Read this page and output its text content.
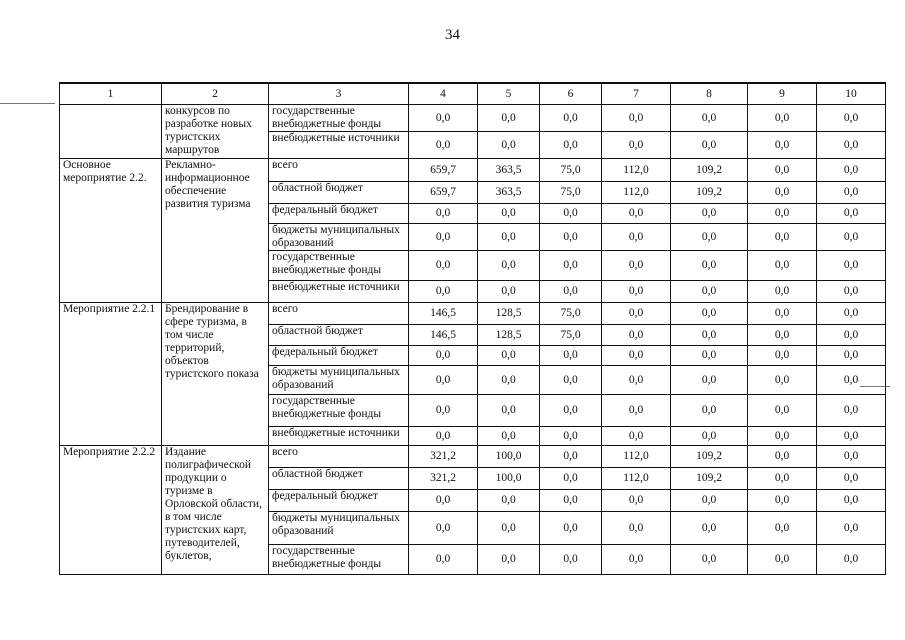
34
1	2	3	4	5	6	7	8	9	10
	конкурсов по разработке новых туристских маршрутов	государственные внебюджетные фонды	0,0	0,0	0,0	0,0	0,0	0,0	0,0
		внебюджетные источники	0,0	0,0	0,0	0,0	0,0	0,0	0,0
Основное мероприятие 2.2.	Рекламно-информационное обеспечение развития туризма	всего	659,7	363,5	75,0	112,0	109,2	0,0	0,0
		областной бюджет	659,7	363,5	75,0	112,0	109,2	0,0	0,0
		федеральный бюджет	0,0	0,0	0,0	0,0	0,0	0,0	0,0
		бюджеты муниципальных образований	0,0	0,0	0,0	0,0	0,0	0,0	0,0
		государственные внебюджетные фонды	0,0	0,0	0,0	0,0	0,0	0,0	0,0
		внебюджетные источники	0,0	0,0	0,0	0,0	0,0	0,0	0,0
Мероприятие 2.2.1	Брендирование в сфере туризма, в том числе территорий, объектов туристского показа	всего	146,5	128,5	75,0	0,0	0,0	0,0	0,0
		областной бюджет	146,5	128,5	75,0	0,0	0,0	0,0	0,0
		федеральный бюджет	0,0	0,0	0,0	0,0	0,0	0,0	0,0
		бюджеты муниципальных образований	0,0	0,0	0,0	0,0	0,0	0,0	0,0
		государственные внебюджетные фонды	0,0	0,0	0,0	0,0	0,0	0,0	0,0
		внебюджетные источники	0,0	0,0	0,0	0,0	0,0	0,0	0,0
Мероприятие 2.2.2	Издание полиграфической продукции о туризме в Орловской области, в том числе туристских карт, путеводителей, буклетов,	всего	321,2	100,0	0,0	112,0	109,2	0,0	0,0
		областной бюджет	321,2	100,0	0,0	112,0	109,2	0,0	0,0
		федеральный бюджет	0,0	0,0	0,0	0,0	0,0	0,0	0,0
		бюджеты муниципальных образований	0,0	0,0	0,0	0,0	0,0	0,0	0,0
		государственные внебюджетные фонды	0,0	0,0	0,0	0,0	0,0	0,0	0,0
